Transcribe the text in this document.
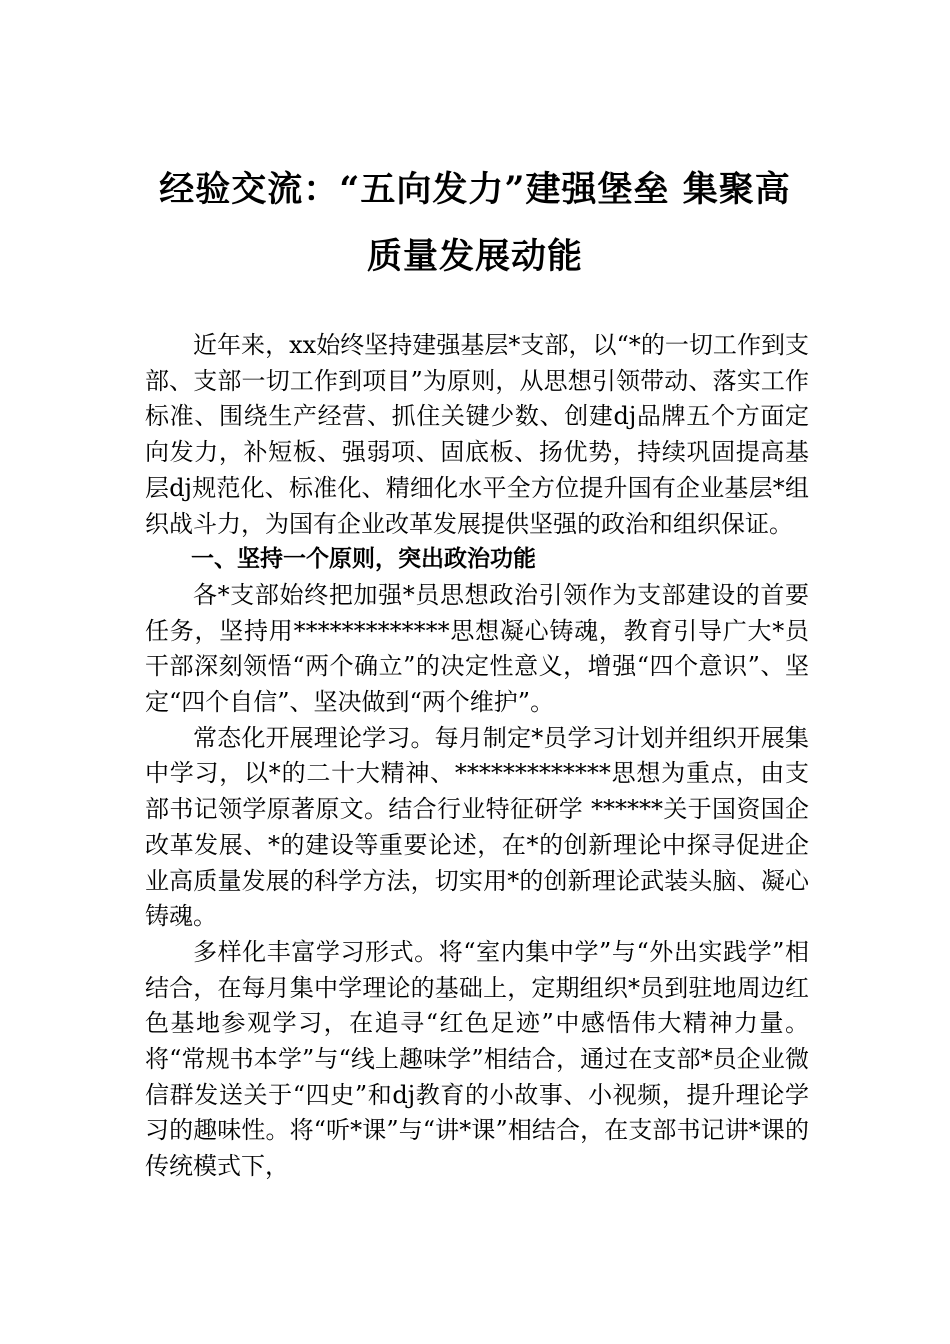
经验交流：“五向发力”建强堡垒 集聚高
质量发展动能

近年来，xx始终坚持建强基层*支部，以“*的一切工作到支部、支部一切工作到项目”为原则，从思想引领带动、落实工作标准、围绕生产经营、抓住关键少数、创建dj品牌五个方面定向发力，补短板、强弱项、固底板、扬优势，持续巩固提高基层dj规范化、标准化、精细化水平全方位提升国有企业基层*组织战斗力，为国有企业改革发展提供坚强的政治和组织保证。

一、坚持一个原则，突出政治功能

各*支部始终把加强*员思想政治引领作为支部建设的首要任务，坚持用*************思想凝心铸魂，教育引导广大*员干部深刻领悟“两个确立”的决定性意义，增强“四个意识”、坚定“四个自信”、坚决做到“两个维护”。

常态化开展理论学习。每月制定*员学习计划并组织开展集中学习，以*的二十大精神、*************思想为重点，由支部书记领学原著原文。结合行业特征研学 ******关于国资国企改革发展、*的建设等重要论述，在*的创新理论中探寻促进企业高质量发展的科学方法，切实用*的创新理论武装头脑、凝心铸魂。

多样化丰富学习形式。将“室内集中学”与“外出实践学”相结合，在每月集中学理论的基础上，定期组织*员到驻地周边红色基地参观学习，在追寻“红色足迹”中感悟伟大精神力量。将“常规书本学”与“线上趣味学”相结合，通过在支部*员企业微信群发送关于“四史”和dj教育的小故事、小视频，提升理论学习的趣味性。将“听*课”与“讲*课”相结合，在支部书记讲*课的传统模式下，
